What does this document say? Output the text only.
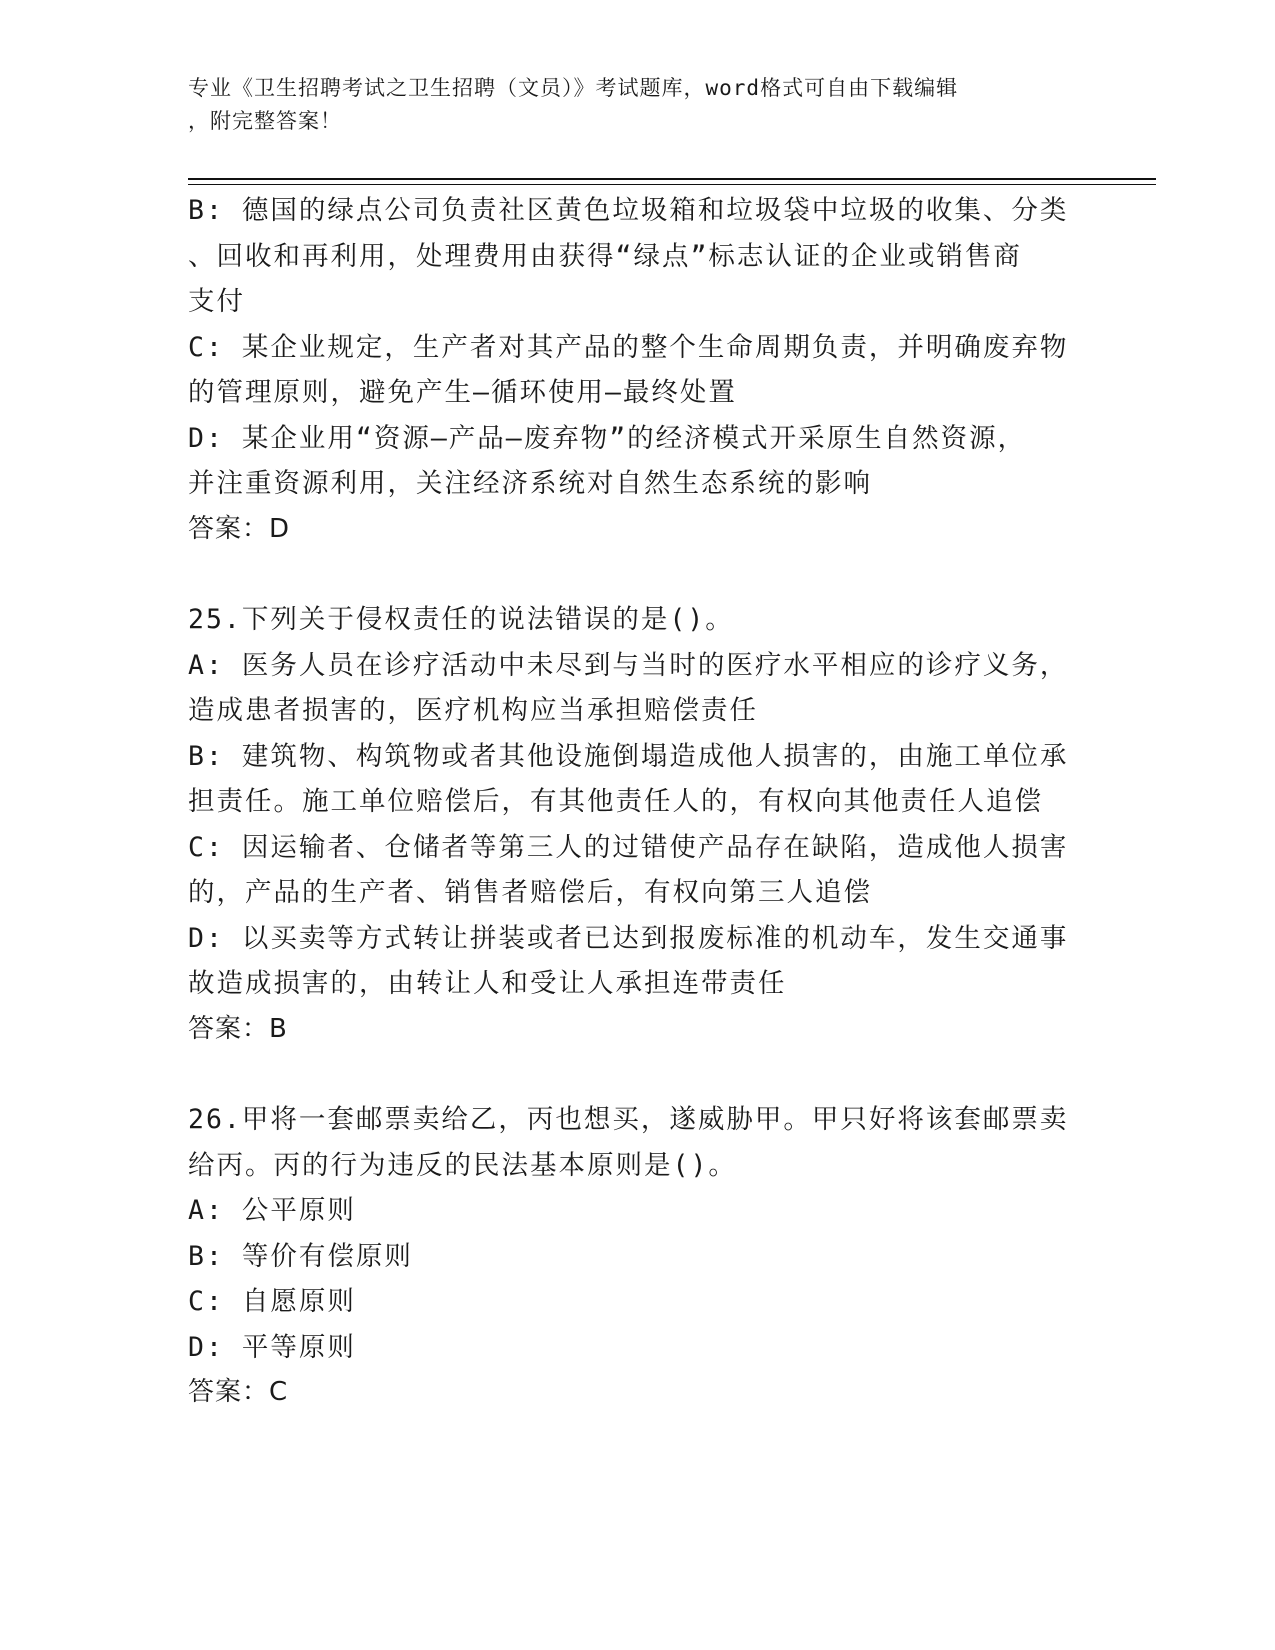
专业《卫生招聘考试之卫生招聘（文员）》考试题库，word格式可自由下载编辑
，附完整答案！
B: 德国的绿点公司负责社区黄色垃圾箱和垃圾袋中垃圾的收集、分类
、回收和再利用，处理费用由获得“绿点”标志认证的企业或销售商
支付
C: 某企业规定，生产者对其产品的整个生命周期负责，并明确废弃物
的管理原则，避免产生—循环使用—最终处置
D: 某企业用“资源—产品—废弃物”的经济模式开采原生自然资源，
并注重资源利用，关注经济系统对自然生态系统的影响
答案：D
25.下列关于侵权责任的说法错误的是()。
A: 医务人员在诊疗活动中未尽到与当时的医疗水平相应的诊疗义务，
造成患者损害的，医疗机构应当承担赔偿责任
B: 建筑物、构筑物或者其他设施倒塌造成他人损害的，由施工单位承
担责任。施工单位赔偿后，有其他责任人的，有权向其他责任人追偿
C: 因运输者、仓储者等第三人的过错使产品存在缺陷，造成他人损害
的，产品的生产者、销售者赔偿后，有权向第三人追偿
D: 以买卖等方式转让拼装或者已达到报废标准的机动车，发生交通事
故造成损害的，由转让人和受让人承担连带责任
答案：B
26.甲将一套邮票卖给乙，丙也想买，遂威胁甲。甲只好将该套邮票卖
给丙。丙的行为违反的民法基本原则是()。
A: 公平原则
B: 等价有偿原则
C: 自愿原则
D: 平等原则
答案：C
